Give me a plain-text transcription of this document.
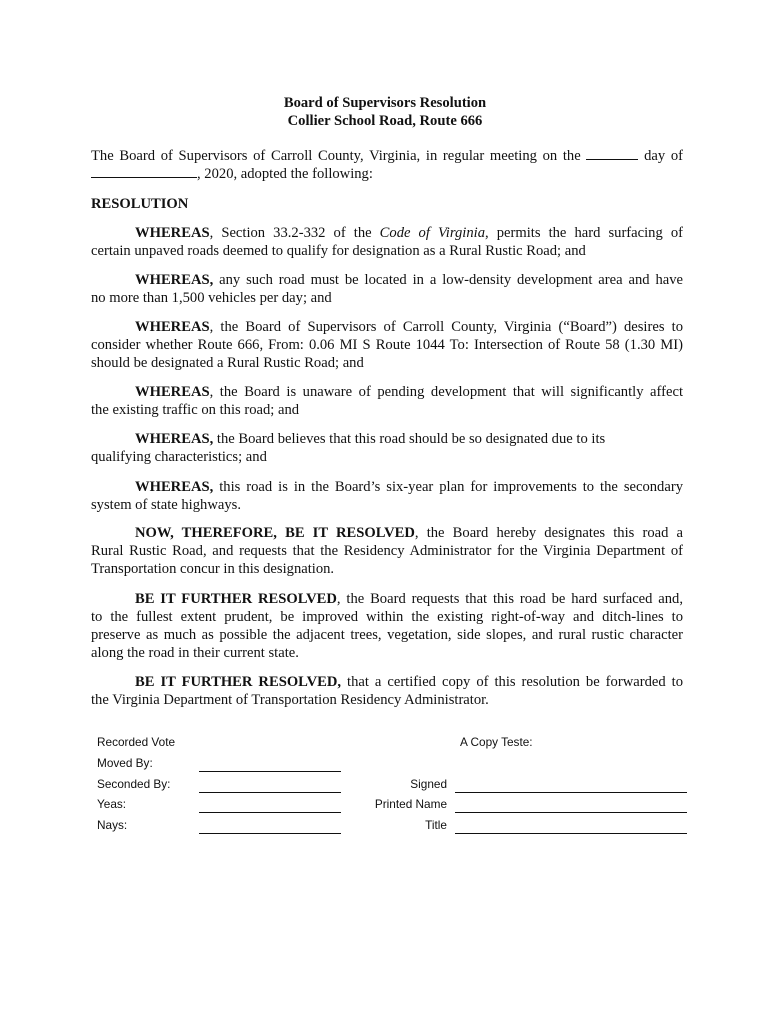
Board of Supervisors Resolution
Collier School Road, Route 666
The Board of Supervisors of Carroll County, Virginia, in regular meeting on the	day of
, 2020, adopted the following:
RESOLUTION
WHEREAS, Section 33.2-332 of the Code of Virginia, permits the hard surfacing of
certain unpaved roads deemed to qualify for designation as a Rural Rustic Road; and
WHEREAS, any such road must be located in a low-density development area and have
no more than 1,500 vehicles per day; and
WHEREAS, the Board of Supervisors of Carroll County, Virginia (“Board”) desires to
consider whether Route 666, From: 0.06 MI S Route 1044 To: Intersection of Route 58 (1.30 MI)
should be designated a Rural Rustic Road; and
WHEREAS, the Board is unaware of pending development that will significantly affect
the existing traffic on this road; and
WHEREAS, the Board believes that this road should be so designated due to its
qualifying characteristics; and
WHEREAS, this road is in the Board’s six-year plan for improvements to the secondary
system of state highways.
NOW, THEREFORE, BE IT RESOLVED, the Board hereby designates this road a
Rural Rustic Road, and requests that the Residency Administrator for the Virginia Department of
Transportation concur in this designation.
BE IT FURTHER RESOLVED, the Board requests that this road be hard surfaced and,
to the fullest extent prudent, be improved within the existing right-of-way and ditch-lines to
preserve as much as possible the adjacent trees, vegetation, side slopes, and rural rustic character
along the road in their current state.
BE IT FURTHER RESOLVED, that a certified copy of this resolution be forwarded to
the Virginia Department of Transportation Residency Administrator.
Recorded Vote
Moved By:
Seconded By:
Yeas:
Nays:
A Copy Teste:
Signed
Printed Name
Title
